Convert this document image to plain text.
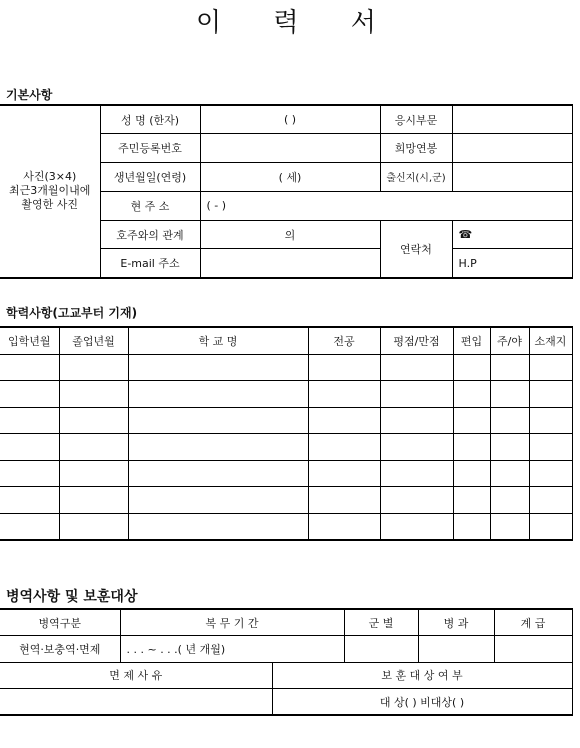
이 력 서
기본사항
사진(3×4)
최근3개월이내에
촬영한 사진	성 명 (한자)	( )	응시부문	
	주민등록번호		희망연봉	
	생년월일(연령)	( 세)	출신지(시,군)	
	현 주 소	( - )		
	호주와의 관계	의	연락처	☎
	E-mail 주소			H.P
학력사항(고교부터 기재)
입학년월	졸업년월	학 교 명	전공	평점/만점	편입	주/야	소재지

병역사항 및 보훈대상
병역구분	복 무 기 간		군 별	병 과	계 급
현역·보충역·면제	. . . ~ . . .( 년 개월)				
면 제 사 유		보 훈 대 상 여 부			
		대 상( ) 비대상( )			
